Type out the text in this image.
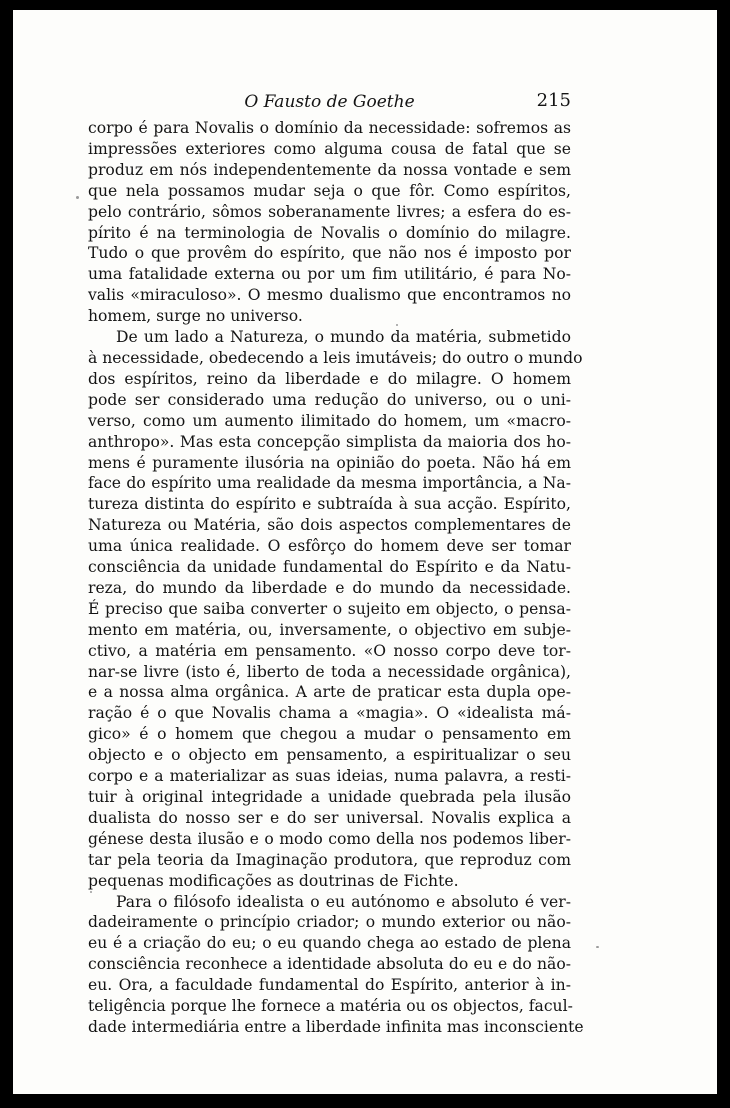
O Fausto de Goethe	215

corpo é para Novalis o domínio da necessidade: sofremos as
impressões exteriores como alguma cousa de fatal que se
produz em nós independentemente da nossa vontade e sem
que nela possamos mudar seja o que fôr. Como espíritos,
pelo contrário, sômos soberanamente livres; a esfera do es-
pírito é na terminologia de Novalis o domínio do milagre.
Tudo o que provêm do espírito, que não nos é imposto por
uma fatalidade externa ou por um fim utilitário, é para No-
valis «miraculoso». O mesmo dualismo que encontramos no
homem, surge no universo.

De um lado a Natureza, o mundo da matéria, submetido
à necessidade, obedecendo a leis imutáveis; do outro o mundo
dos espíritos, reino da liberdade e do milagre. O homem
pode ser considerado uma redução do universo, ou o uni-
verso, como um aumento ilimitado do homem, um «macro-
anthropo». Mas esta concepção simplista da maioria dos ho-
mens é puramente ilusória na opinião do poeta. Não há em
face do espírito uma realidade da mesma importância, a Na-
tureza distinta do espírito e subtraída à sua acção. Espírito,
Natureza ou Matéria, são dois aspectos complementares de
uma única realidade. O esfôrço do homem deve ser tomar
consciência da unidade fundamental do Espírito e da Natu-
reza, do mundo da liberdade e do mundo da necessidade.
É preciso que saiba converter o sujeito em objecto, o pensa-
mento em matéria, ou, inversamente, o objectivo em subje-
ctivo, a matéria em pensamento. «O nosso corpo deve tor-
nar-se livre (isto é, liberto de toda a necessidade orgânica),
e a nossa alma orgânica. A arte de praticar esta dupla ope-
ração é o que Novalis chama a «magia». O «idealista má-
gico» é o homem que chegou a mudar o pensamento em
objecto e o objecto em pensamento, a espiritualizar o seu
corpo e a materializar as suas ideias, numa palavra, a resti-
tuir à original integridade a unidade quebrada pela ilusão
dualista do nosso ser e do ser universal. Novalis explica a
génese desta ilusão e o modo como della nos podemos liber-
tar pela teoria da Imaginação produtora, que reproduz com
pequenas modificações as doutrinas de Fichte.

Para o filósofo idealista o eu autónomo e absoluto é ver-
dadeiramente o princípio criador; o mundo exterior ou não-
eu é a criação do eu; o eu quando chega ao estado de plena
consciência reconhece a identidade absoluta do eu e do não-
eu. Ora, a faculdade fundamental do Espírito, anterior à in-
teligência porque lhe fornece a matéria ou os objectos, facul-
dade intermediária entre a liberdade infinita mas inconsciente
